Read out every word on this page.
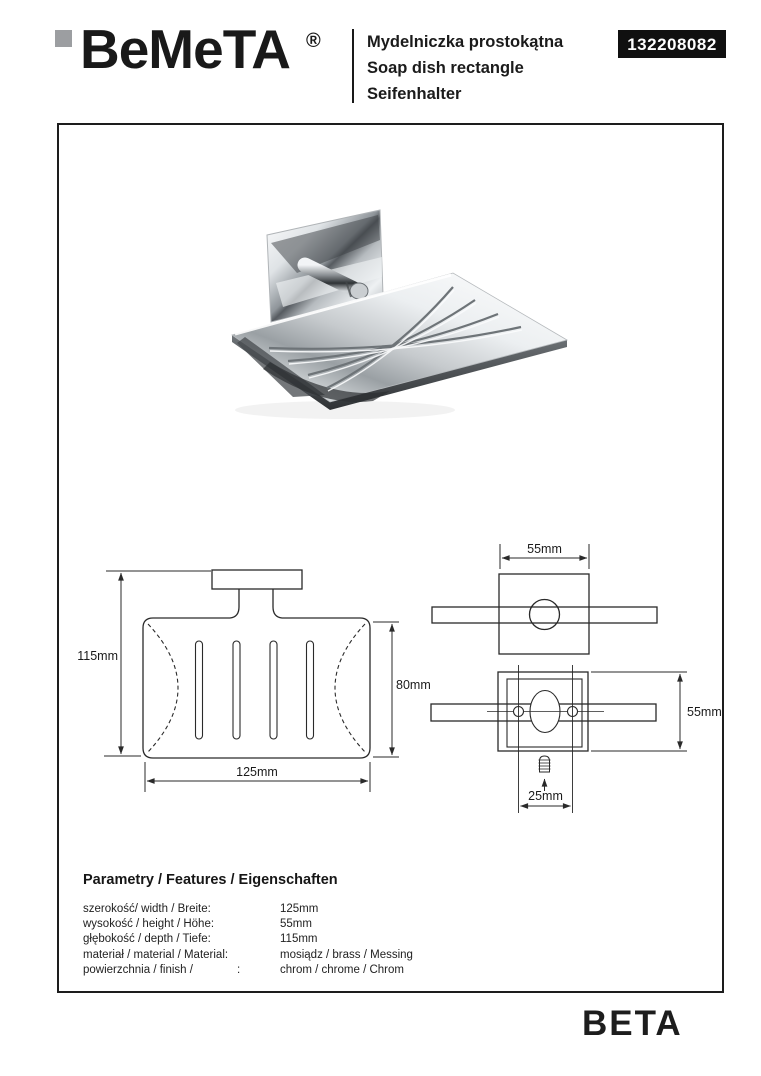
BeMeTA ®	Mydelniczka prostokątna
Soap dish rectangle
Seifenhalter
132208082
115mm
80mm
125mm
55mm
55mm
25mm
Parametry / Features / Eigenschaften
szerokość/ width / Breite:	125mm
wysokość / height / Höhe:	55mm
głębokość / depth / Tiefe:	115mm
materiał / material / Material:	mosiądz / brass / Messing
powierzchnia / finish /	:	chrom / chrome / Chrom
BETA
